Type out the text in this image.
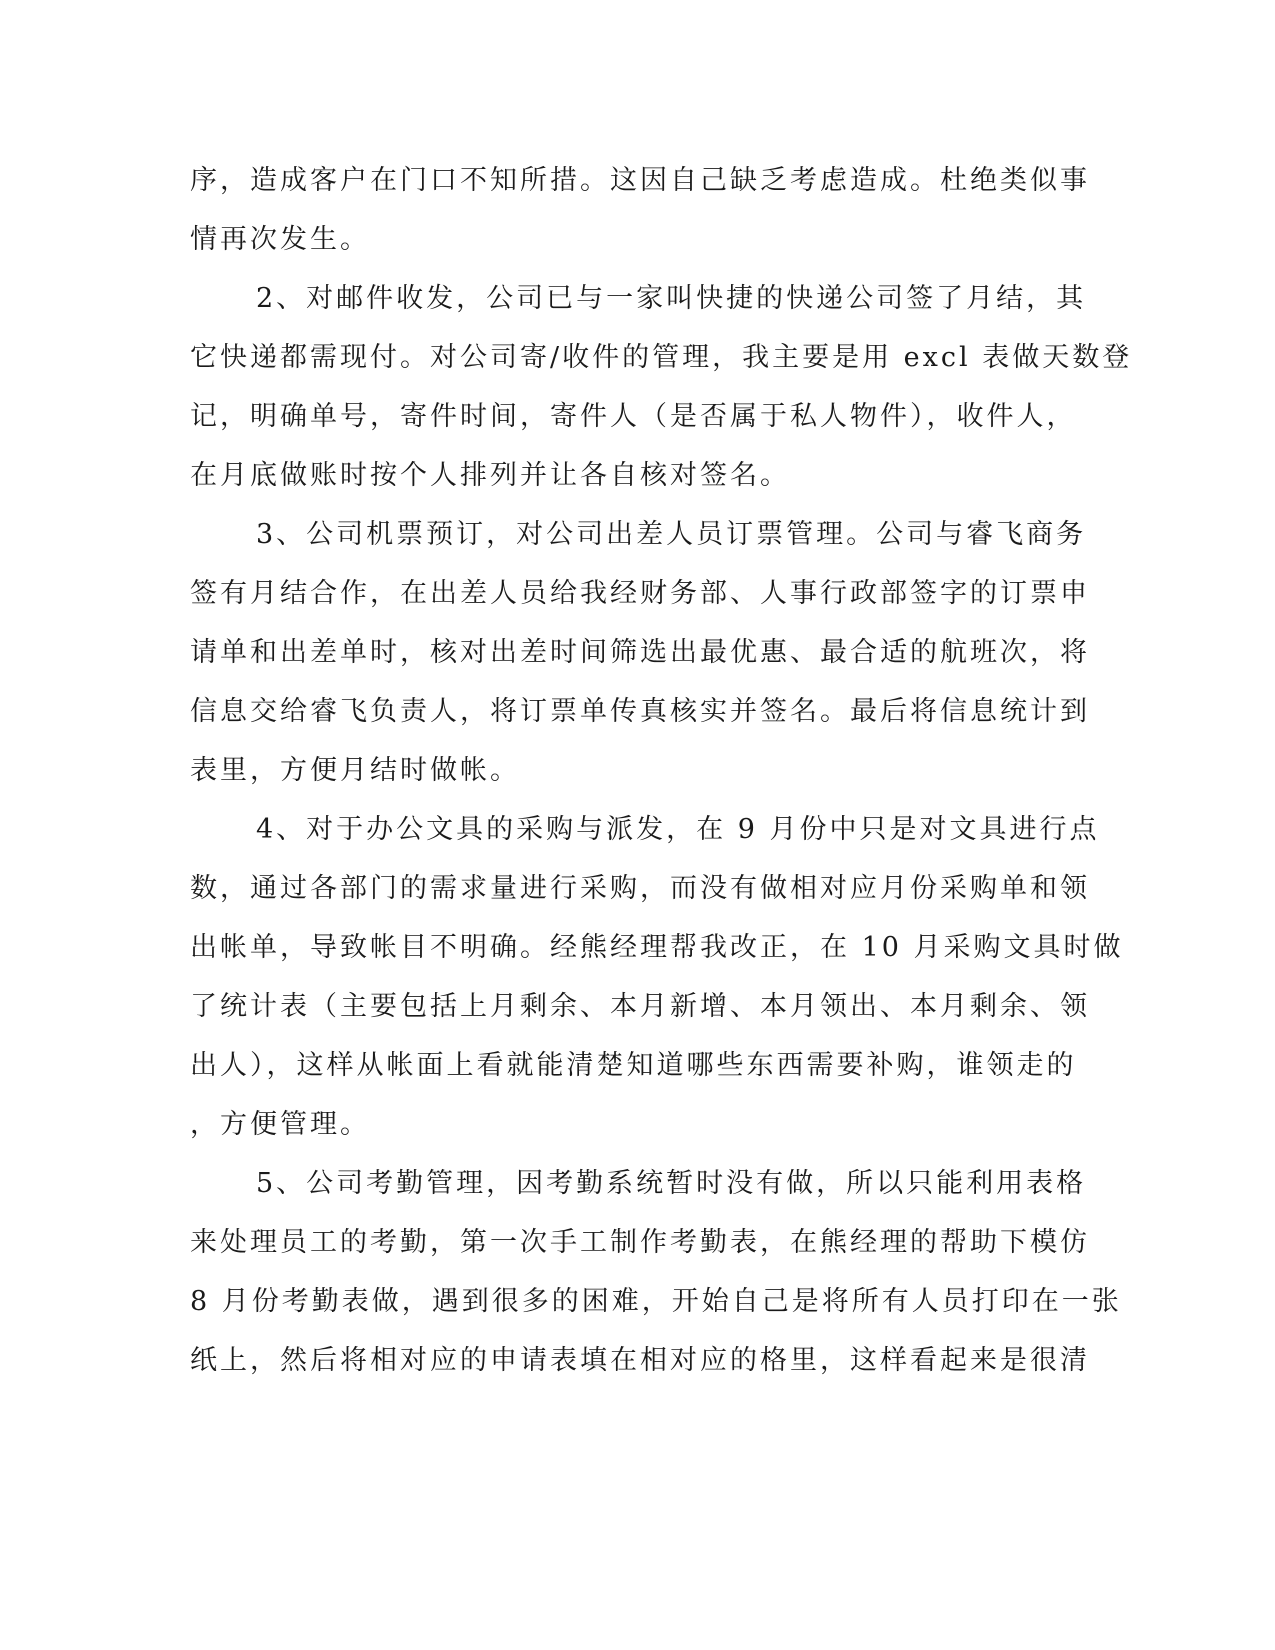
序，造成客户在门口不知所措。这因自己缺乏考虑造成。杜绝类似事
情再次发生。
2、对邮件收发，公司已与一家叫快捷的快递公司签了月结，其
它快递都需现付。对公司寄/收件的管理，我主要是用 excl 表做天数登
记，明确单号，寄件时间，寄件人（是否属于私人物件），收件人，
在月底做账时按个人排列并让各自核对签名。
3、公司机票预订，对公司出差人员订票管理。公司与睿飞商务
签有月结合作，在出差人员给我经财务部、人事行政部签字的订票申
请单和出差单时，核对出差时间筛选出最优惠、最合适的航班次，将
信息交给睿飞负责人，将订票单传真核实并签名。最后将信息统计到
表里，方便月结时做帐。
4、对于办公文具的采购与派发，在 9 月份中只是对文具进行点
数，通过各部门的需求量进行采购，而没有做相对应月份采购单和领
出帐单，导致帐目不明确。经熊经理帮我改正，在 10 月采购文具时做
了统计表（主要包括上月剩余、本月新增、本月领出、本月剩余、领
出人），这样从帐面上看就能清楚知道哪些东西需要补购，谁领走的
，方便管理。
5、公司考勤管理，因考勤系统暂时没有做，所以只能利用表格
来处理员工的考勤，第一次手工制作考勤表，在熊经理的帮助下模仿
8 月份考勤表做，遇到很多的困难，开始自己是将所有人员打印在一张
纸上，然后将相对应的申请表填在相对应的格里，这样看起来是很清
